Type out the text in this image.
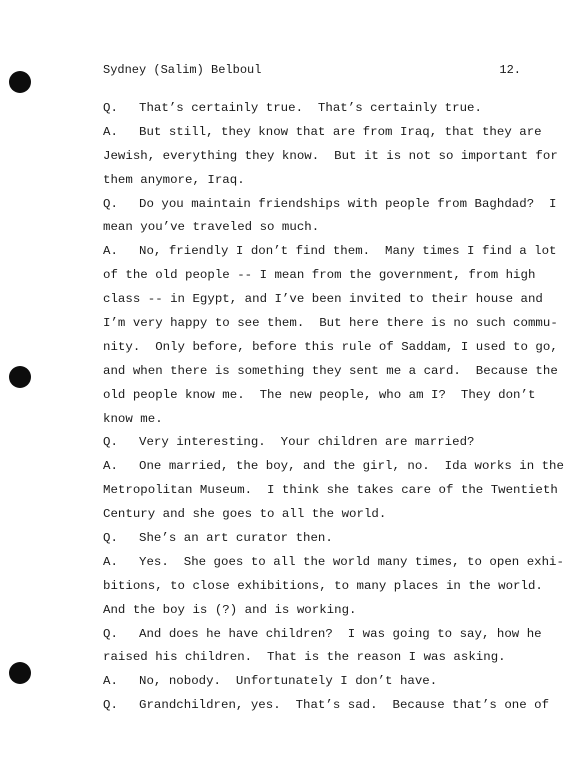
Sydney (Salim) Belboul	12.
Q. That’s certainly true.  That’s certainly true.
A. But still, they know that are from Iraq, that they are
Jewish, everything they know.  But it is not so important for
them anymore, Iraq.
Q. Do you maintain friendships with people from Baghdad?  I
mean you’ve traveled so much.
A. No, friendly I don’t find them.  Many times I find a lot
of the old people -- I mean from the government, from high
class -- in Egypt, and I’ve been invited to their house and
I’m very happy to see them.  But here there is no such commu-
nity.  Only before, before this rule of Saddam, I used to go,
and when there is something they sent me a card.  Because the
old people know me.  The new people, who am I?  They don’t
know me.
Q. Very interesting.  Your children are married?
A. One married, the boy, and the girl, no.  Ida works in the
Metropolitan Museum.  I think she takes care of the Twentieth
Century and she goes to all the world.
Q. She’s an art curator then.
A. Yes.  She goes to all the world many times, to open exhi-
bitions, to close exhibitions, to many places in the world.
And the boy is (?) and is working.
Q. And does he have children?  I was going to say, how he
raised his children.  That is the reason I was asking.
A. No, nobody.  Unfortunately I don’t have.
Q. Grandchildren, yes.  That’s sad.  Because that’s one of
